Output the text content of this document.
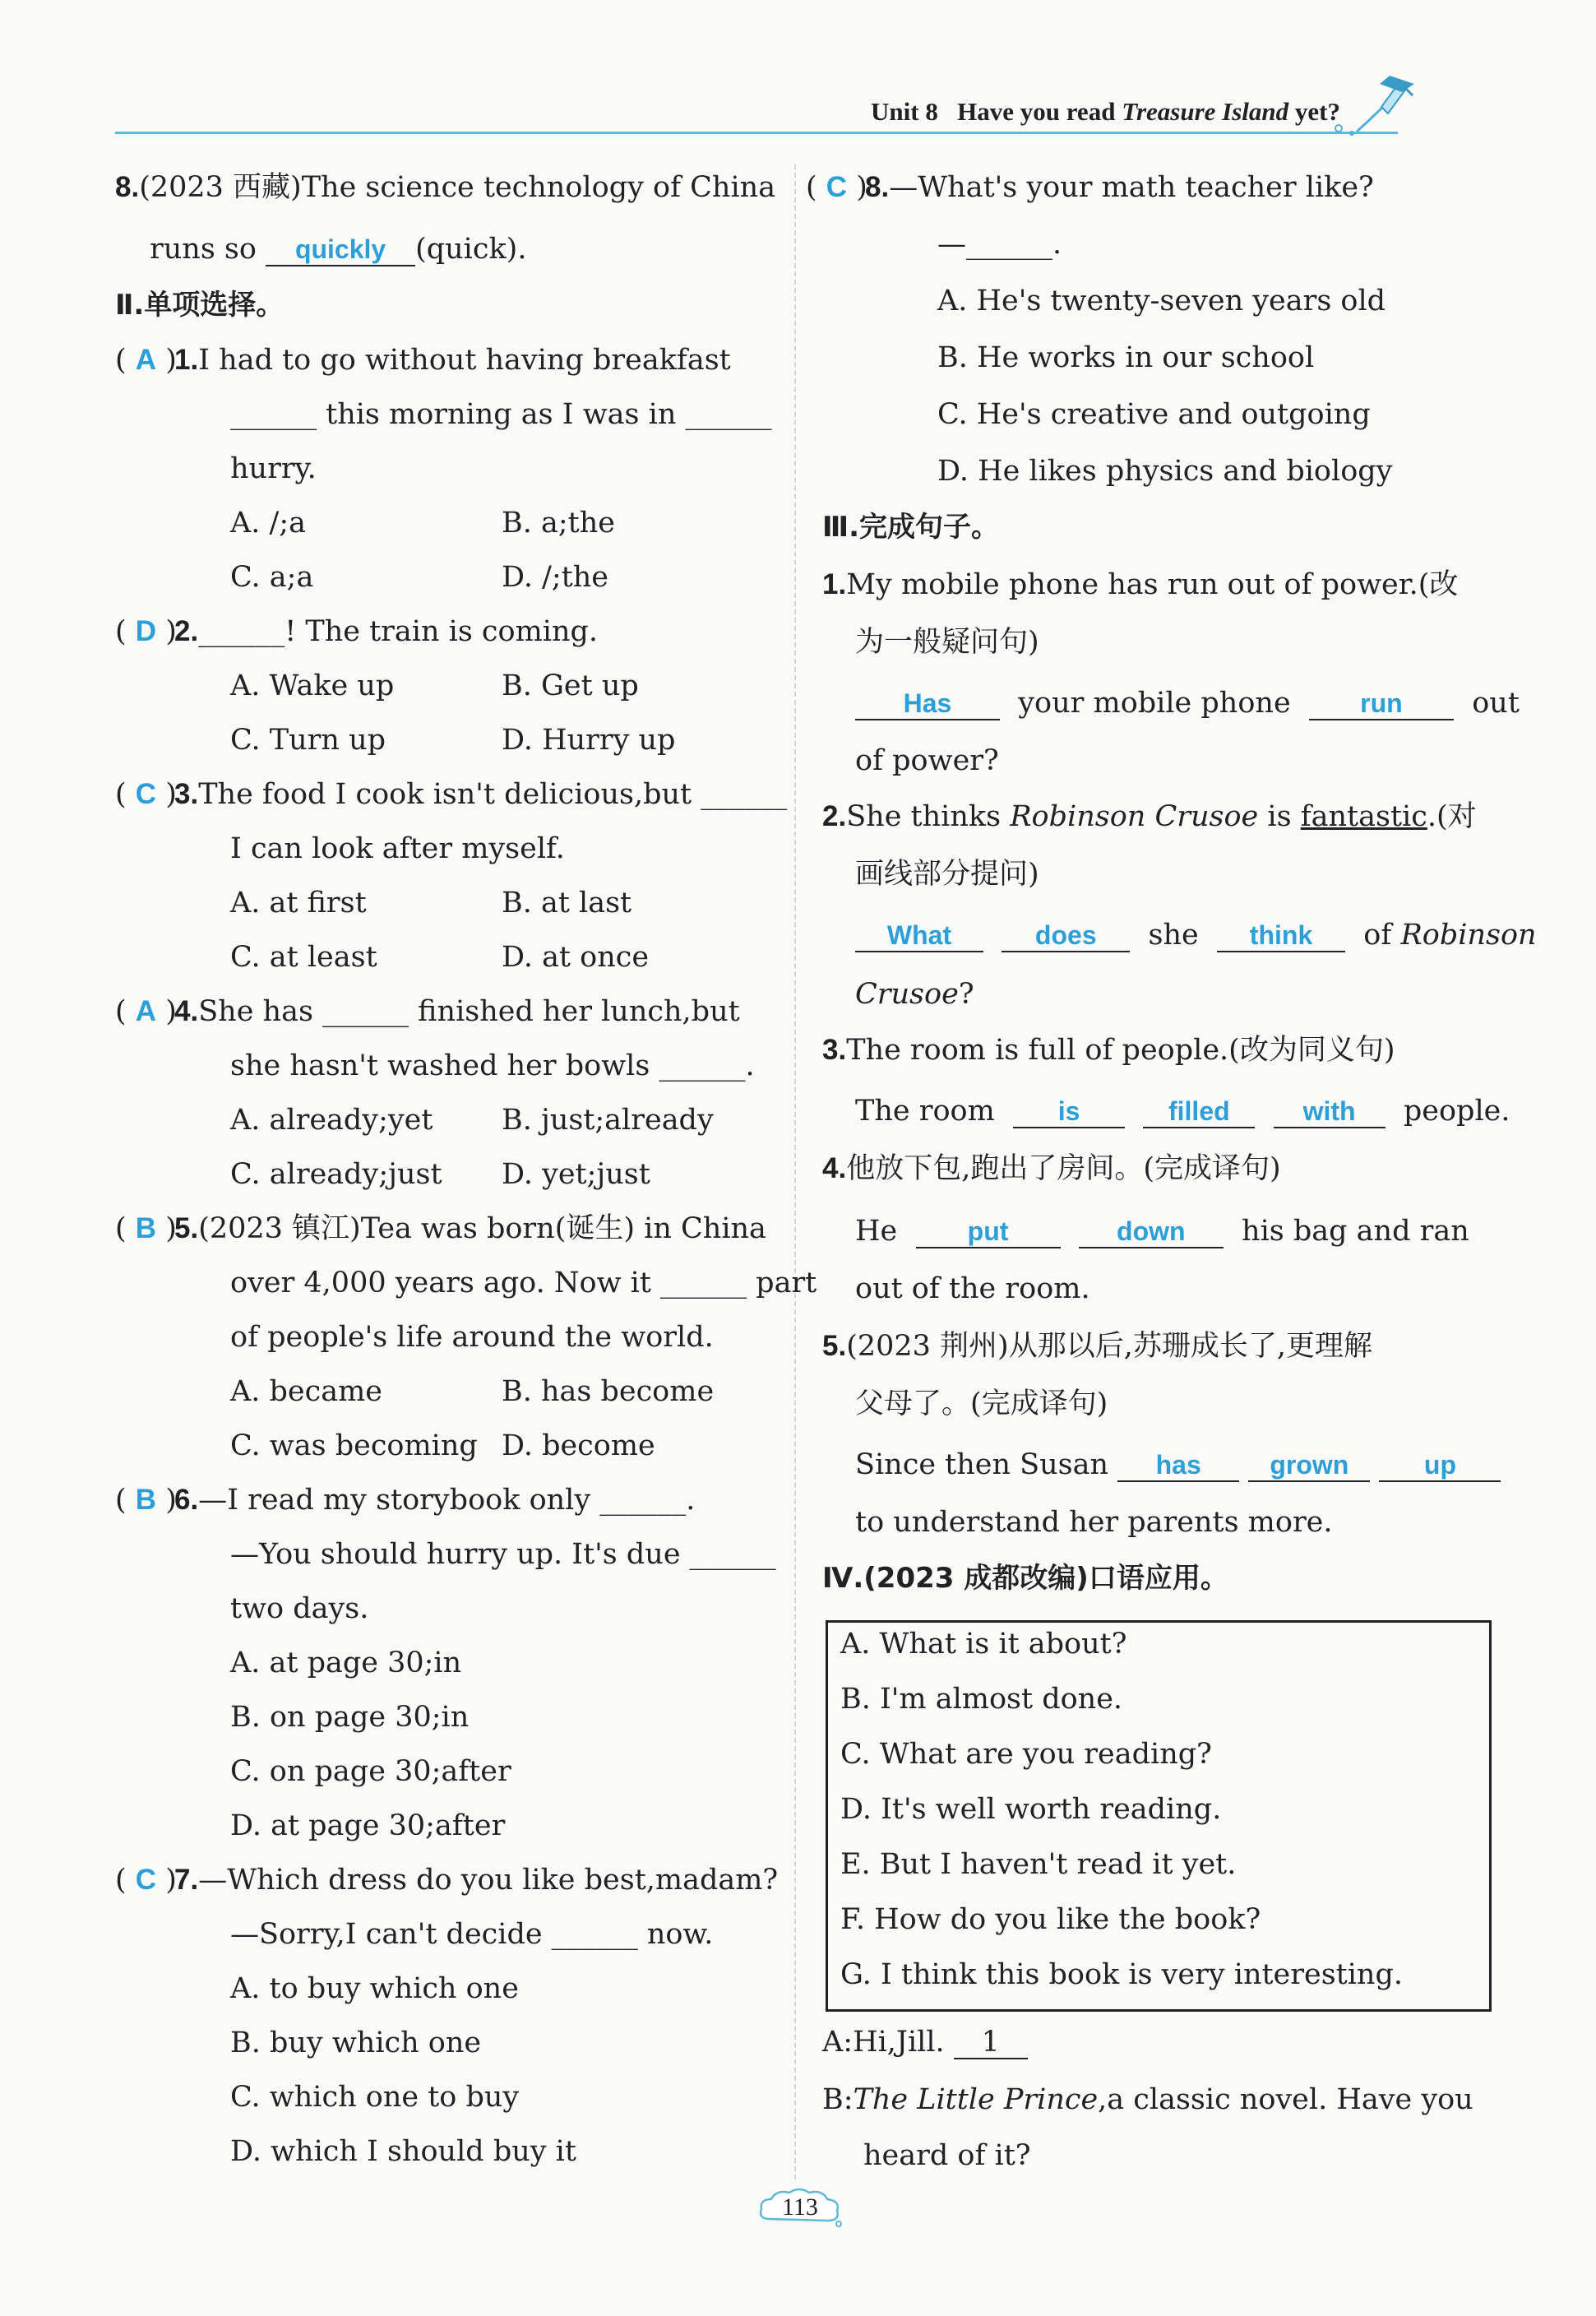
Unit 8 Have you read Treasure Island yet?
8.(2023 西藏)The science technology of China
runs so quickly (quick).
Ⅱ.单项选择。
( A )1.I had to go without having breakfast
______ this morning as I was in ______
hurry.
A. /;a	B. a;the
C. a;a	D. /;the
( D )2.______! The train is coming.
A. Wake up	B. Get up
C. Turn up	D. Hurry up
( C )3.The food I cook isn't delicious,but ______
I can look after myself.
A. at first	B. at last
C. at least	D. at once
( A )4.She has ______ finished her lunch,but
she hasn't washed her bowls ______.
A. already;yet B. just;already
C. already;just D. yet;just
( B )5.(2023 镇江)Tea was born(诞生) in China
over 4,000 years ago. Now it ______ part
of people's life around the world.
A. became	B. has become
C. was becoming D. become
( B )6.—I read my storybook only ______.
—You should hurry up. It's due ______
two days.
A. at page 30;in
B. on page 30;in
C. on page 30;after
D. at page 30;after
( C )7.—Which dress do you like best,madam?
—Sorry,I can't decide ______ now.
A. to buy which one
B. buy which one
C. which one to buy
D. which I should buy it
( C )8.—What's your math teacher like?
—______.
A. He's twenty-seven years old
B. He works in our school
C. He's creative and outgoing
D. He likes physics and biology
Ⅲ.完成句子。
1.My mobile phone has run out of power.(改
为一般疑问句)
Has your mobile phone	run out
of power?
2.She thinks Robinson Crusoe is fantastic.(对
画线部分提问)
What	does she think of Robinson
Crusoe?
3.The room is full of people.(改为同义句)
The room is	filled	with people.
4.他放下包,跑出了房间。(完成译句)
He	put	down his bag and ran
out of the room.
5.(2023 荆州)从那以后,苏珊成长了,更理解
父母了。(完成译句)
Since then Susan has	grown	up
to understand her parents more.
Ⅳ.(2023 成都改编)口语应用。
A. What is it about?
B. I'm almost done.
C. What are you reading?
D. It's well worth reading.
E. But I haven't read it yet.
F. How do you like the book?
G. I think this book is very interesting.
A:Hi,Jill. 1
B:The Little Prince,a classic novel. Have you
heard of it?
113
